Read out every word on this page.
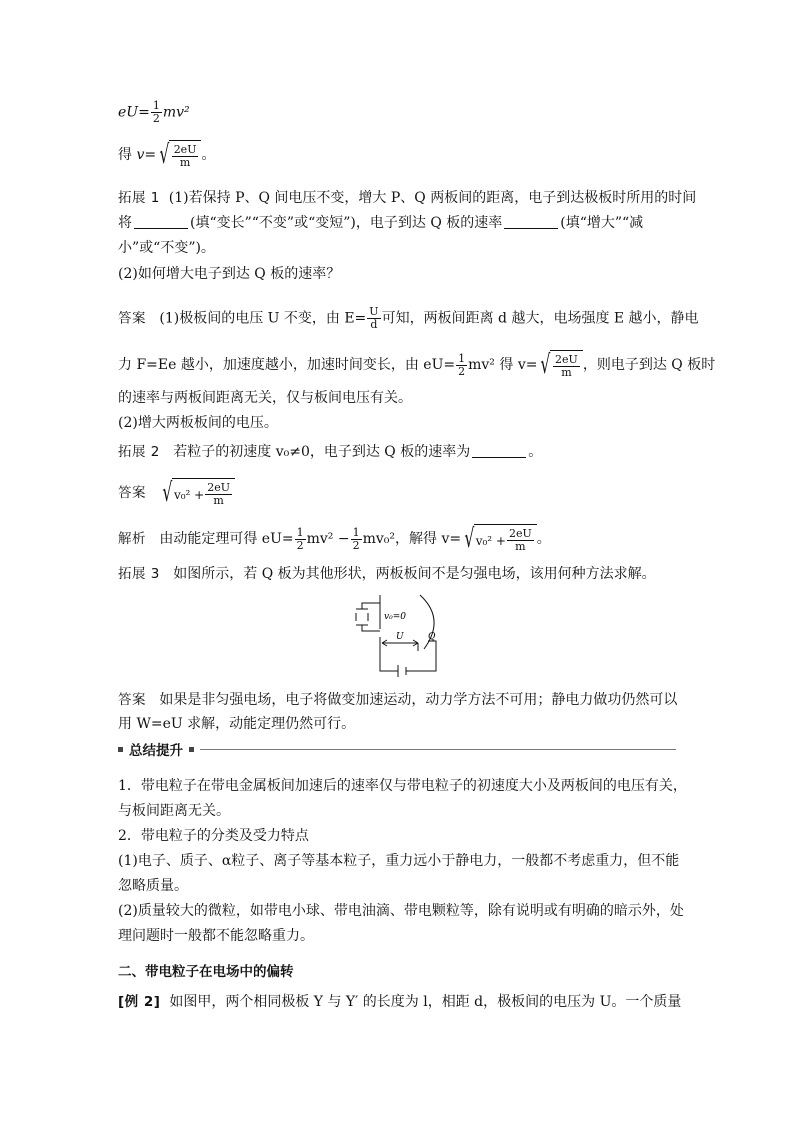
$eU= \frac{1}{2} mv^2$
得 v= √ $\frac{2eU}{m}$ 。
拓展 1 (1)若保持 P、Q 间电压不变，增大 P、Q 两板间的距离，电子到达极板时所用的时间
将	(填“变长”“不变”或“变短”)，电子到达 Q 板的速率	(填“增大”“减
小”或“不变”)。
(2)如何增大电子到达 Q 板的速率？
答案 (1)极板间的电压 U 不变，由 $E= \frac{U}{d}$ 可知，两板间距离 d 越大，电场强度 E 越小，静电
力 F=Ee 越小，加速度越小，加速时间变长，由 $eU= \frac{1}{2} mv^2$ 得 v= √ $\frac{2eU}{m}$ ，则电子到达 Q 板时
的速率与两板间距离无关，仅与板间电压有关。
(2)增大两板板间的电压。
拓展 2 若粒子的初速度 v₀≠0，电子到达 Q 板的速率为	。
答案 √ $v_0^2 + \frac{2eU}{m}$
解析 由动能定理可得 $eU= \frac{1}{2} mv^2 - \frac{1}{2} mv_0^2$，解得 v= √ $v_0^2 + \frac{2eU}{m}$ 。
拓展 3 如图所示，若 Q 板为其他形状，两板板间不是匀强电场，该用何种方法求解。
v₀=0
U	Q
答案 如果是非匀强电场，电子将做变加速运动，动力学方法不可用；静电力做功仍然可以
用 W=eU 求解，动能定理仍然可行。
总结提升
1．带电粒子在带电金属板间加速后的速率仅与带电粒子的初速度大小及两板间的电压有关，
与板间距离无关。
2．带电粒子的分类及受力特点
(1)电子、质子、α粒子、离子等基本粒子，重力远小于静电力，一般都不考虑重力，但不能
忽略质量。
(2)质量较大的微粒，如带电小球、带电油滴、带电颗粒等，除有说明或有明确的暗示外，处
理问题时一般都不能忽略重力。
二、带电粒子在电场中的偏转
[例 2] 如图甲，两个相同极板 Y 与 Y′ 的长度为 l，相距 d，极板间的电压为 U。一个质量
